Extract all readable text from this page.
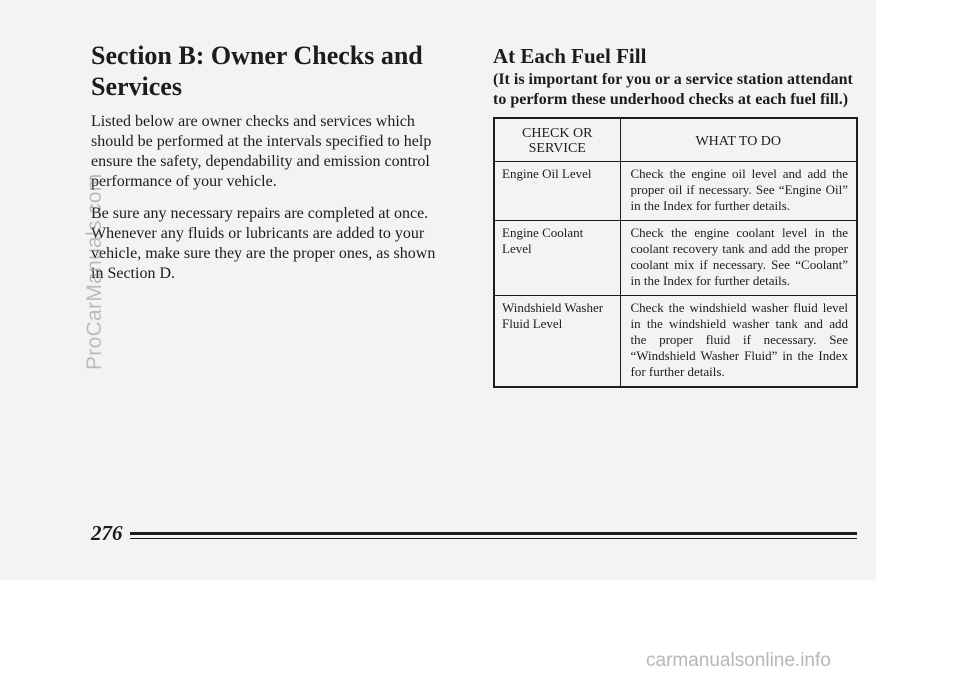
Section B: Owner Checks and Services

Listed below are owner checks and services which should be performed at the intervals specified to help ensure the safety, dependability and emission control performance of your vehicle.

Be sure any necessary repairs are completed at once. Whenever any fluids or lubricants are added to your vehicle, make sure they are the proper ones, as shown in Section D.

At Each Fuel Fill

(It is important for you or a service station attendant to perform these underhood checks at each fuel fill.)

CHECK OR SERVICE	WHAT TO DO
Engine Oil Level	Check the engine oil level and add the proper oil if necessary. See “Engine Oil” in the Index for further details.
Engine Coolant Level	Check the engine coolant level in the coolant recovery tank and add the proper coolant mix if necessary. See “Coolant” in the Index for further details.
Windshield Washer Fluid Level	Check the windshield washer fluid level in the windshield washer tank and add the proper fluid if necessary. See “Windshield Washer Fluid” in the Index for further details.
276
ProCarManuals.com
carmanualsonline.info
